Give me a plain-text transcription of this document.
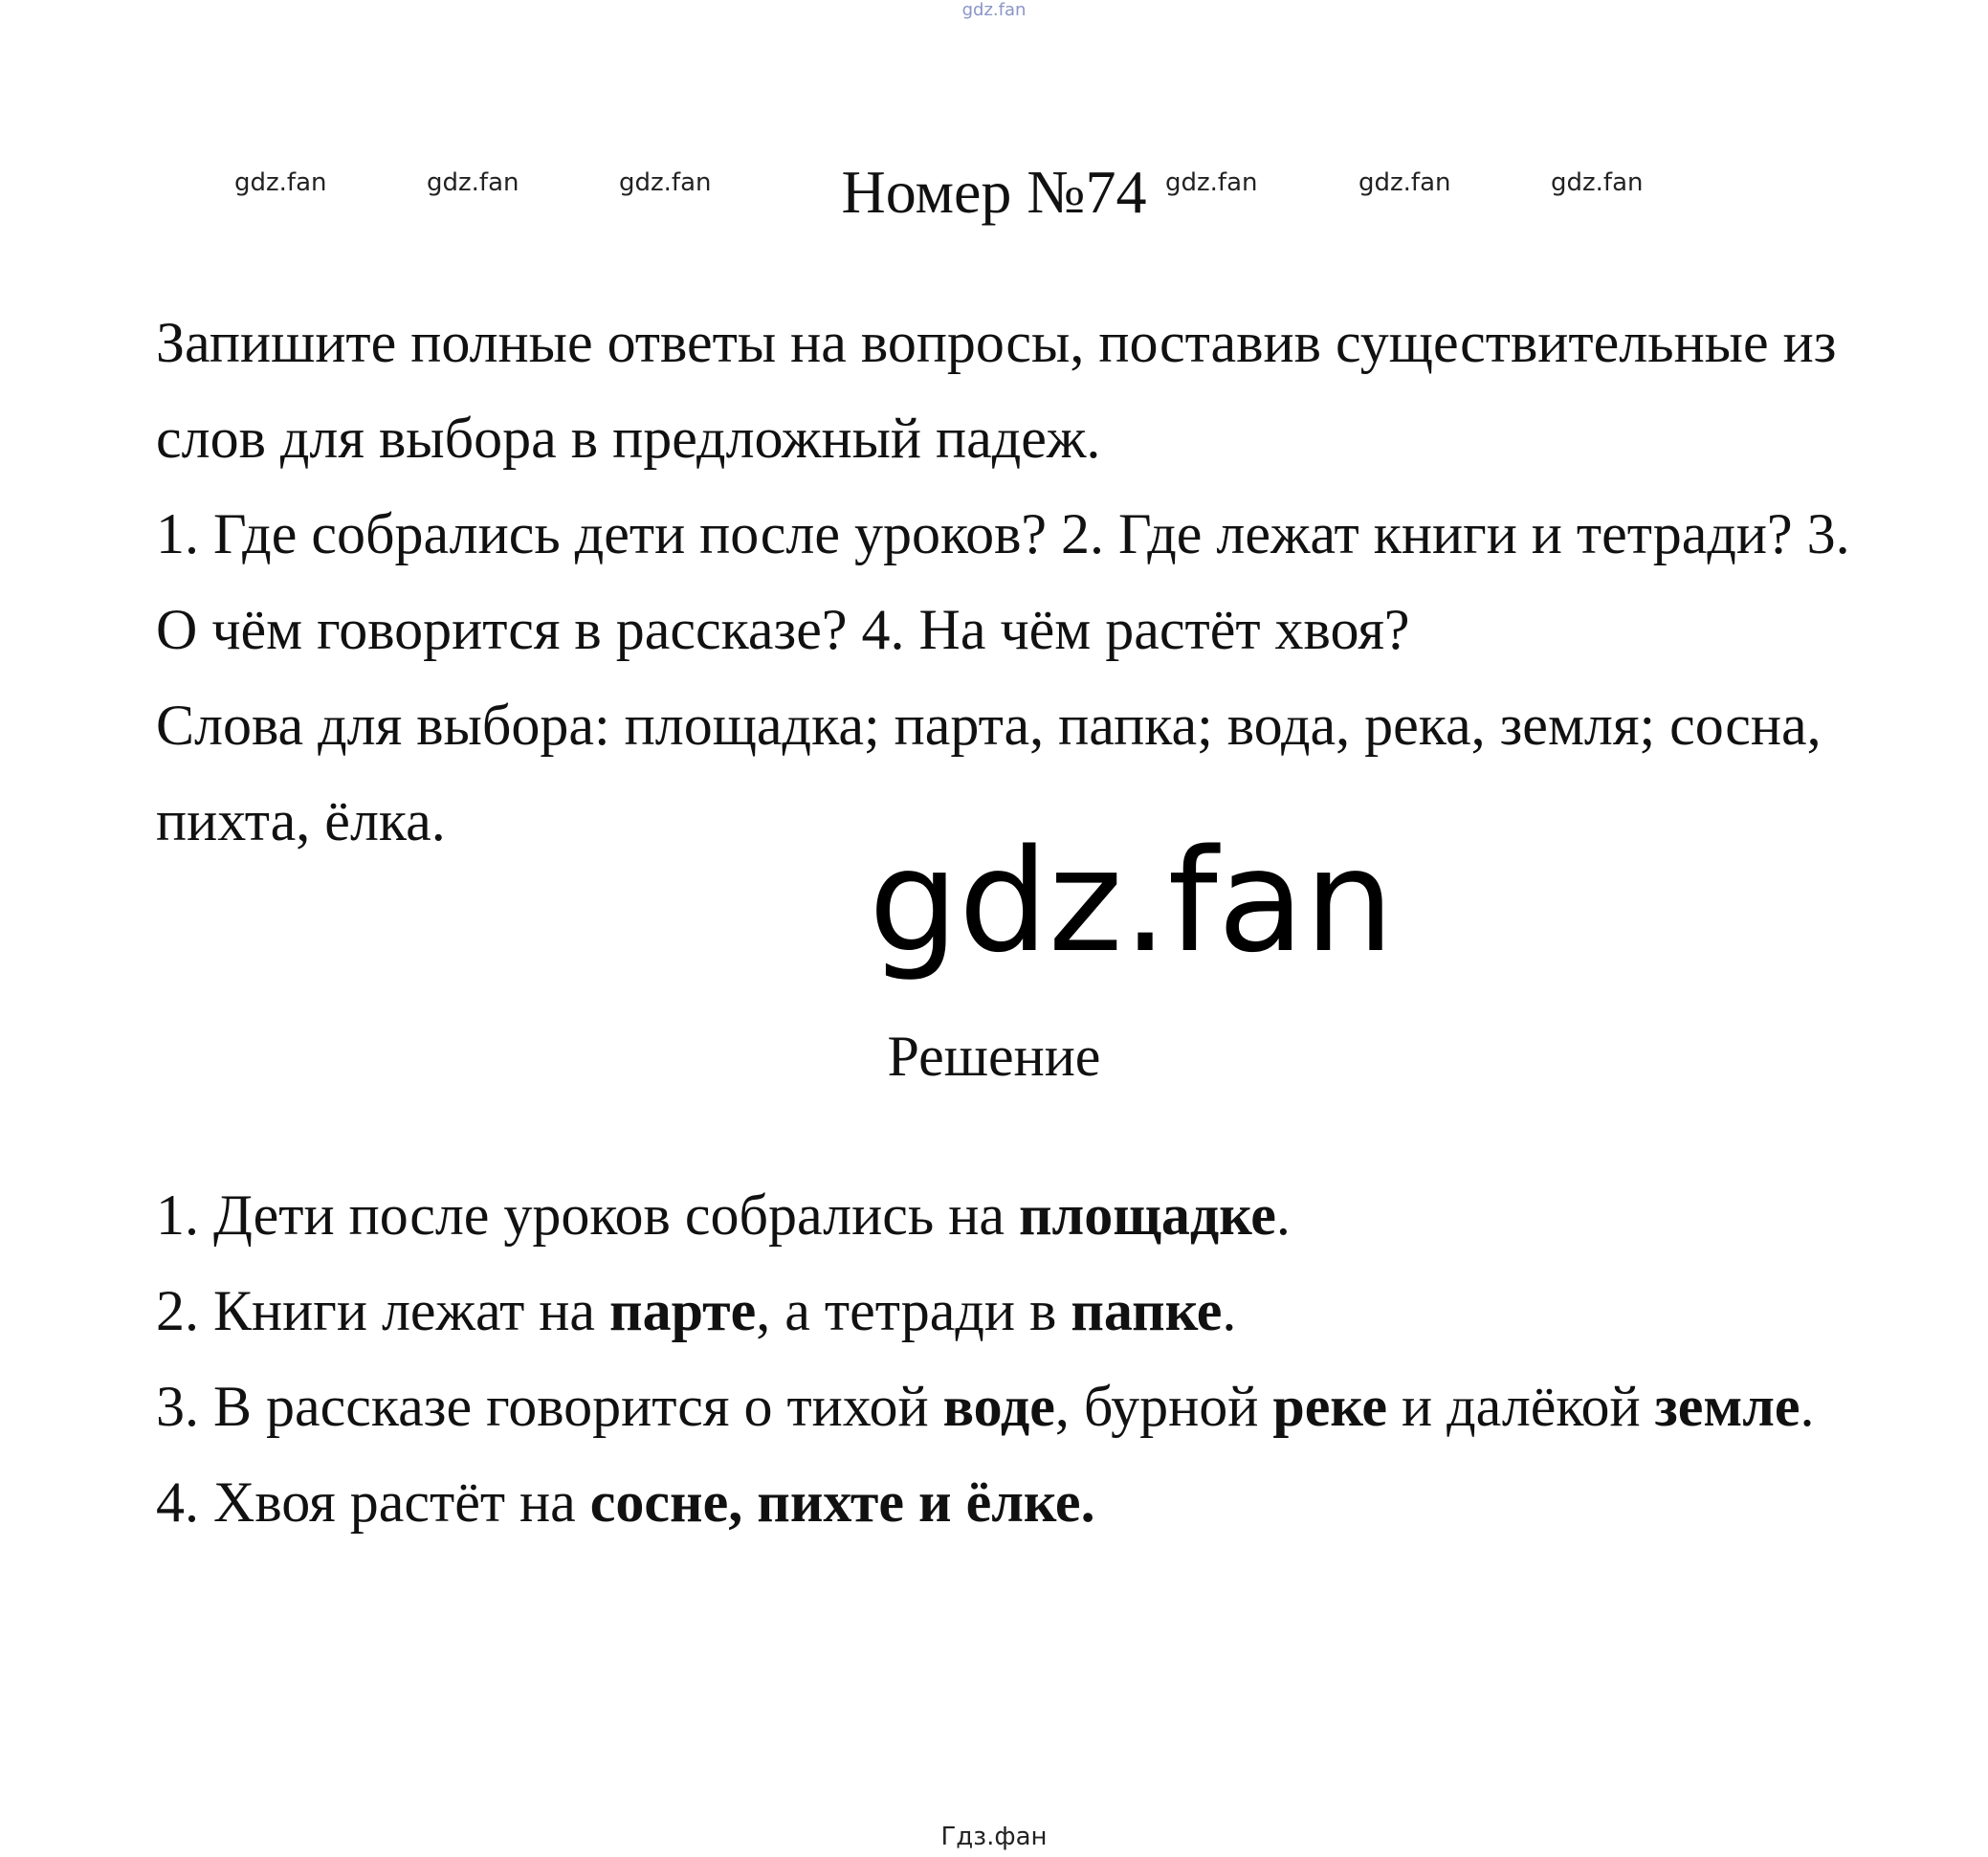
gdz.fan
gdz.fan	gdz.fan	gdz.fan	gdz.fan	gdz.fan	gdz.fan
Номер №74

Запишите полные ответы на вопросы, поставив существительные из слов для выбора в предложный падеж.

1. Где собрались дети после уроков? 2. Где лежат книги и тетради? 3. О чём говорится в рассказе? 4. На чём растёт хвоя?

Слова для выбора: площадка; парта, папка; вода, река, земля; сосна, пихта, ёлка.	gdz.fan
Решение

1. Дети после уроков собрались на площадке.

2. Книги лежат на парте, а тетради в папке.

3. В рассказе говорится о тихой воде, бурной реке и далёкой земле.

4. Хвоя растёт на сосне, пихте и ёлке.

Гдз.фан
